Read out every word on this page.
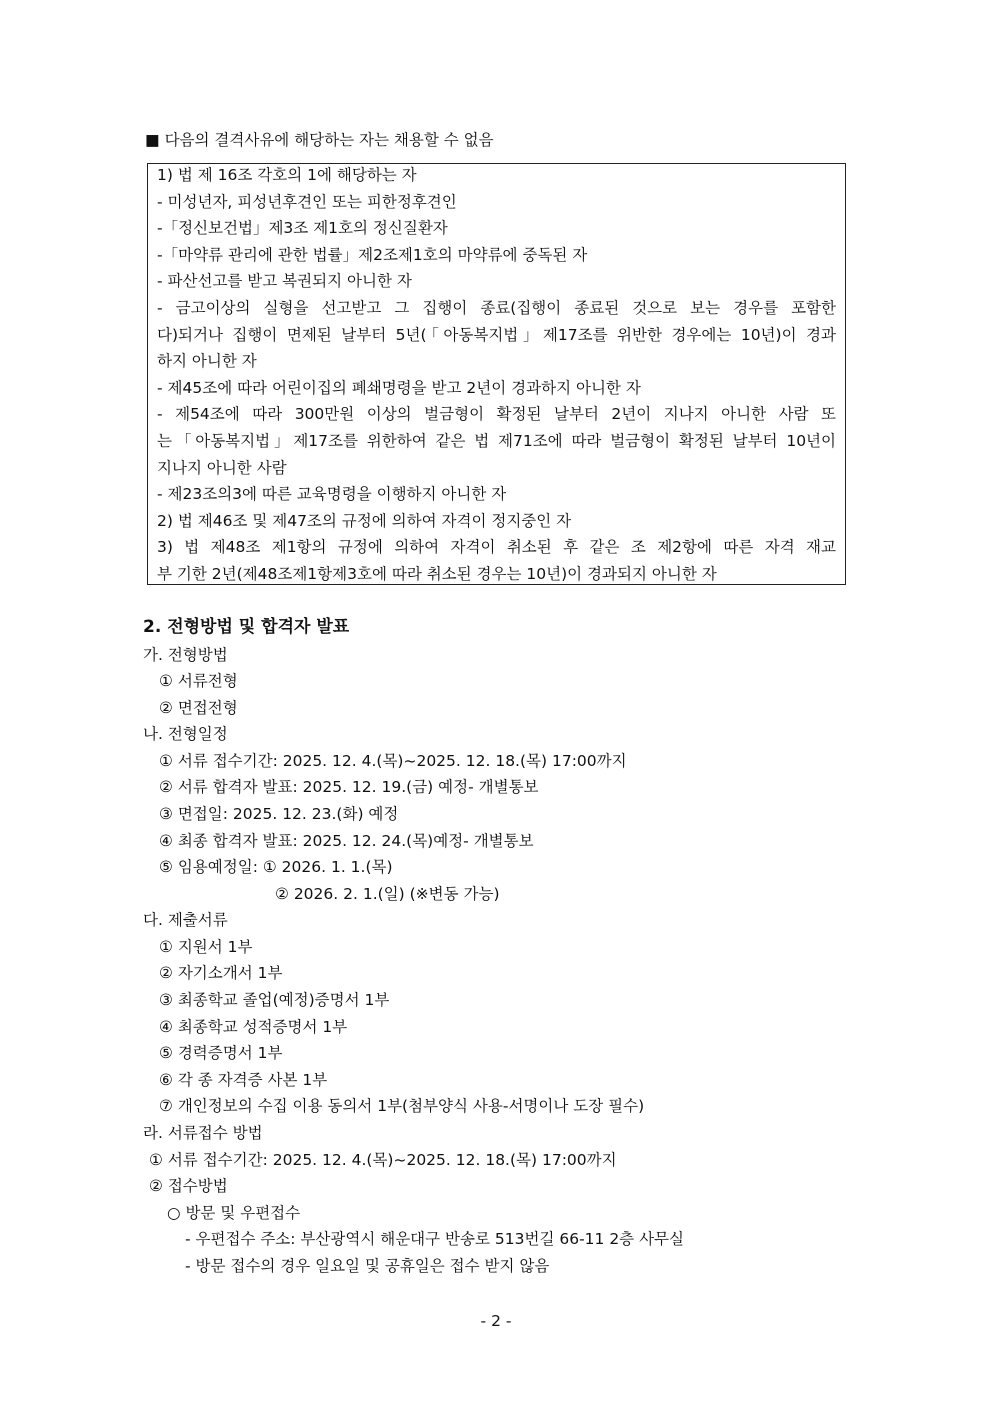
■ 다음의 결격사유에 해당하는 자는 채용할 수 없음
1) 법 제 16조 각호의 1에 해당하는 자
- 미성년자, 피성년후견인 또는 피한정후견인
-「정신보건법」제3조 제1호의 정신질환자
-「마약류 관리에 관한 법률」제2조제1호의 마약류에 중독된 자
- 파산선고를 받고 복권되지 아니한 자
- 금고이상의 실형을 선고받고 그 집행이 종료(집행이 종료된 것으로 보는 경우를 포함한
다)되거나 집행이 면제된 날부터 5년(「아동복지법」제17조를 위반한 경우에는 10년)이 경과
하지 아니한 자
- 제45조에 따라 어린이집의 폐쇄명령을 받고 2년이 경과하지 아니한 자
- 제54조에 따라 300만원 이상의 벌금형이 확정된 날부터 2년이 지나지 아니한 사람 또
는「아동복지법」제17조를 위한하여 같은 법 제71조에 따라 벌금형이 확정된 날부터 10년이
지나지 아니한 사람
- 제23조의3에 따른 교육명령을 이행하지 아니한 자
2) 법 제46조 및 제47조의 규정에 의하여 자격이 정지중인 자
3) 법 제48조 제1항의 규정에 의하여 자격이 취소된 후 같은 조 제2항에 따른 자격 재교
부 기한 2년(제48조제1항제3호에 따라 취소된 경우는 10년)이 경과되지 아니한 자
2. 전형방법 및 합격자 발표
가. 전형방법
① 서류전형
② 면접전형
나. 전형일정
① 서류 접수기간: 2025. 12. 4.(목)~2025. 12. 18.(목) 17:00까지
② 서류 합격자 발표: 2025. 12. 19.(금) 예정- 개별통보
③ 면접일: 2025. 12. 23.(화) 예정
④ 최종 합격자 발표: 2025. 12. 24.(목)예정- 개별통보
⑤ 임용예정일: ① 2026. 1. 1.(목)
② 2026. 2. 1.(일) (※변동 가능)
다. 제출서류
① 지원서 1부
② 자기소개서 1부
③ 최종학교 졸업(예정)증명서 1부
④ 최종학교 성적증명서 1부
⑤ 경력증명서 1부
⑥ 각 종 자격증 사본 1부
⑦ 개인정보의 수집 이용 동의서 1부(첨부양식 사용-서명이나 도장 필수)
라. 서류접수 방법
① 서류 접수기간: 2025. 12. 4.(목)~2025. 12. 18.(목) 17:00까지
② 접수방법
○ 방문 및 우편접수
- 우편접수 주소: 부산광역시 해운대구 반송로 513번길 66-11 2층 사무실
- 방문 접수의 경우 일요일 및 공휴일은 접수 받지 않음
- 2 -
